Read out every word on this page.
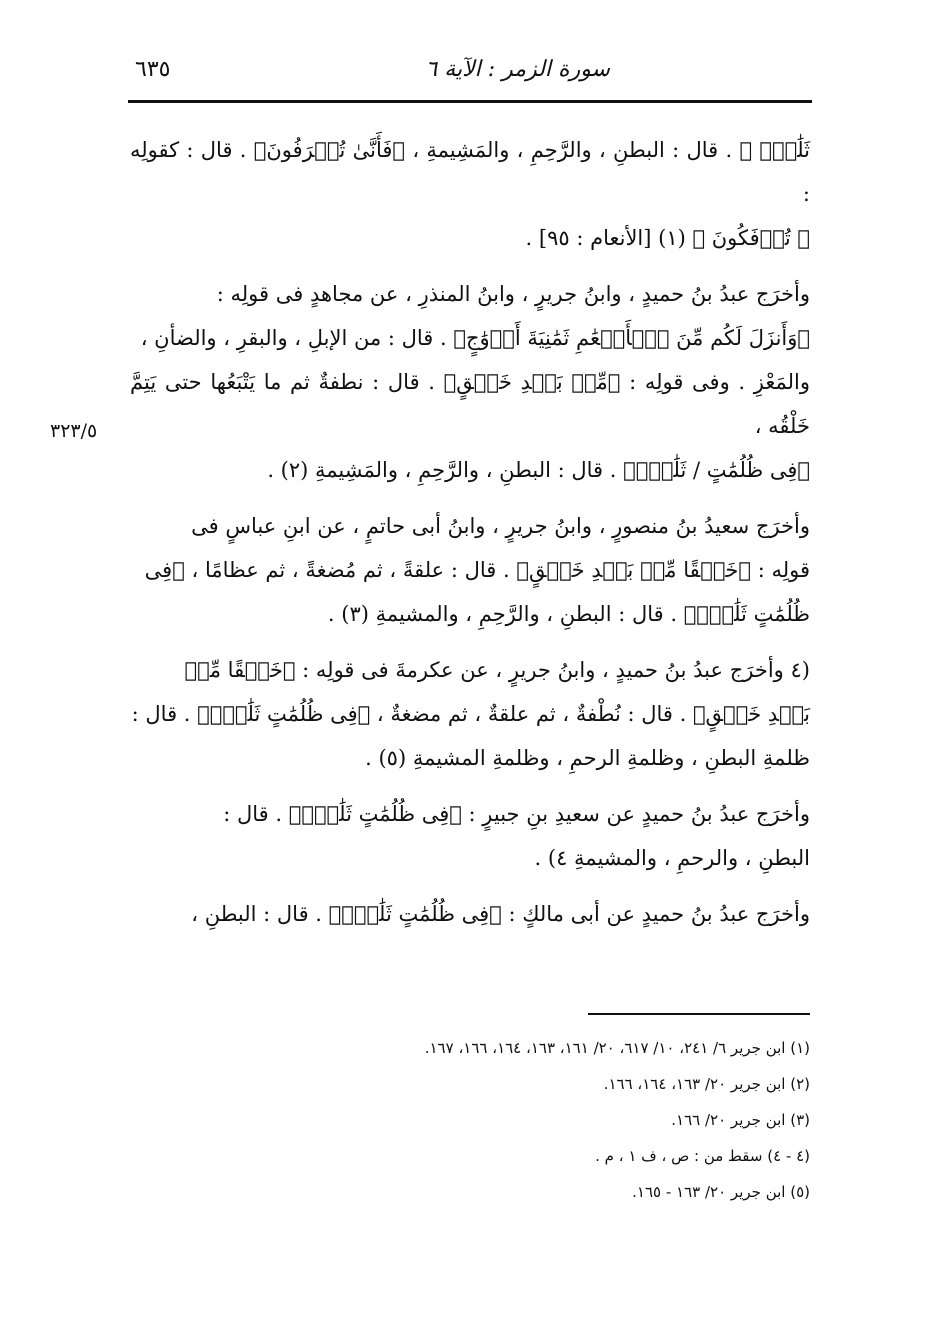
سورة الزمر : الآية ٦
٦٣٥
٣٢٣/٥
ثَلَٰثٍۚ ﴾ . قال : البطنِ ، والرَّحِمِ ، والمَشِيمةِ ، ﴿فَأَنَّىٰ تُصۡرَفُونَ﴾ . قال : كقولِه :
﴿ تُؤۡفَكُونَ ﴾ (١) [الأنعام : ٩٥] .
وأخرَج عبدُ بنُ حميدٍ ، وابنُ جريرٍ ، وابنُ المنذرِ ، عن مجاهدٍ فى قولِه :
﴿وَأَنزَلَ لَكُم مِّنَ ٱلۡأَنۡعَٰمِ ثَمَٰنِيَةَ أَزۡوَٰجٍ﴾ . قال : من الإبلِ ، والبقرِ ، والضأنِ ،
والمَعْزِ . وفى قولِه : ﴿مِّنۢ بَعۡدِ خَلۡقٍ﴾ . قال : نطفةٌ ثم ما يَتْبَعُها حتى يَتِمَّ خَلْقُه ،
﴿فِى ظُلُمَٰتٍ / ثَلَٰثٍۚ﴾ . قال : البطنِ ، والرَّحِمِ ، والمَشِيمةِ (٢) .
وأخرَج سعيدُ بنُ منصورٍ ، وابنُ جريرٍ ، وابنُ أبى حاتمٍ ، عن ابنِ عباسٍ فى
قولِه : ﴿خَلۡقًا مِّنۢ بَعۡدِ خَلۡقٍ﴾ . قال : علقةً ، ثم مُضغةً ، ثم عظامًا ، ﴿فِى
ظُلُمَٰتٍ ثَلَٰثٍۚ﴾ . قال : البطنِ ، والرَّحِمِ ، والمشيمةِ (٣) .
(٤ وأخرَج عبدُ بنُ حميدٍ ، وابنُ جريرٍ ، عن عكرمةَ فى قولِه : ﴿خَلۡقًا مِّنۢ
بَعۡدِ خَلۡقٍ﴾ . قال : نُطْفةٌ ، ثم علقةٌ ، ثم مضغةٌ ، ﴿فِى ظُلُمَٰتٍ ثَلَٰثٍۚ﴾ . قال :
ظلمةِ البطنِ ، وظلمةِ الرحمِ ، وظلمةِ المشيمةِ (٥) .
وأخرَج عبدُ بنُ حميدٍ عن سعيدِ بنِ جبيرٍ : ﴿فِى ظُلُمَٰتٍ ثَلَٰثٍۚ﴾ . قال :
البطنِ ، والرحمِ ، والمشيمةِ ٤) .
وأخرَج عبدُ بنُ حميدٍ عن أبى مالكٍ : ﴿فِى ظُلُمَٰتٍ ثَلَٰثٍۚ﴾ . قال : البطنِ ،
(١) ابن جرير ٦/ ٢٤١، ١٠/ ٦١٧، ٢٠/ ١٦١، ١٦٣، ١٦٤، ١٦٦، ١٦٧.
(٢) ابن جرير ٢٠/ ١٦٣، ١٦٤، ١٦٦.
(٣) ابن جرير ٢٠/ ١٦٦.
(٤ - ٤) سقط من : ص ، ف ١ ، م .
(٥) ابن جرير ٢٠/ ١٦٣ - ١٦٥.
